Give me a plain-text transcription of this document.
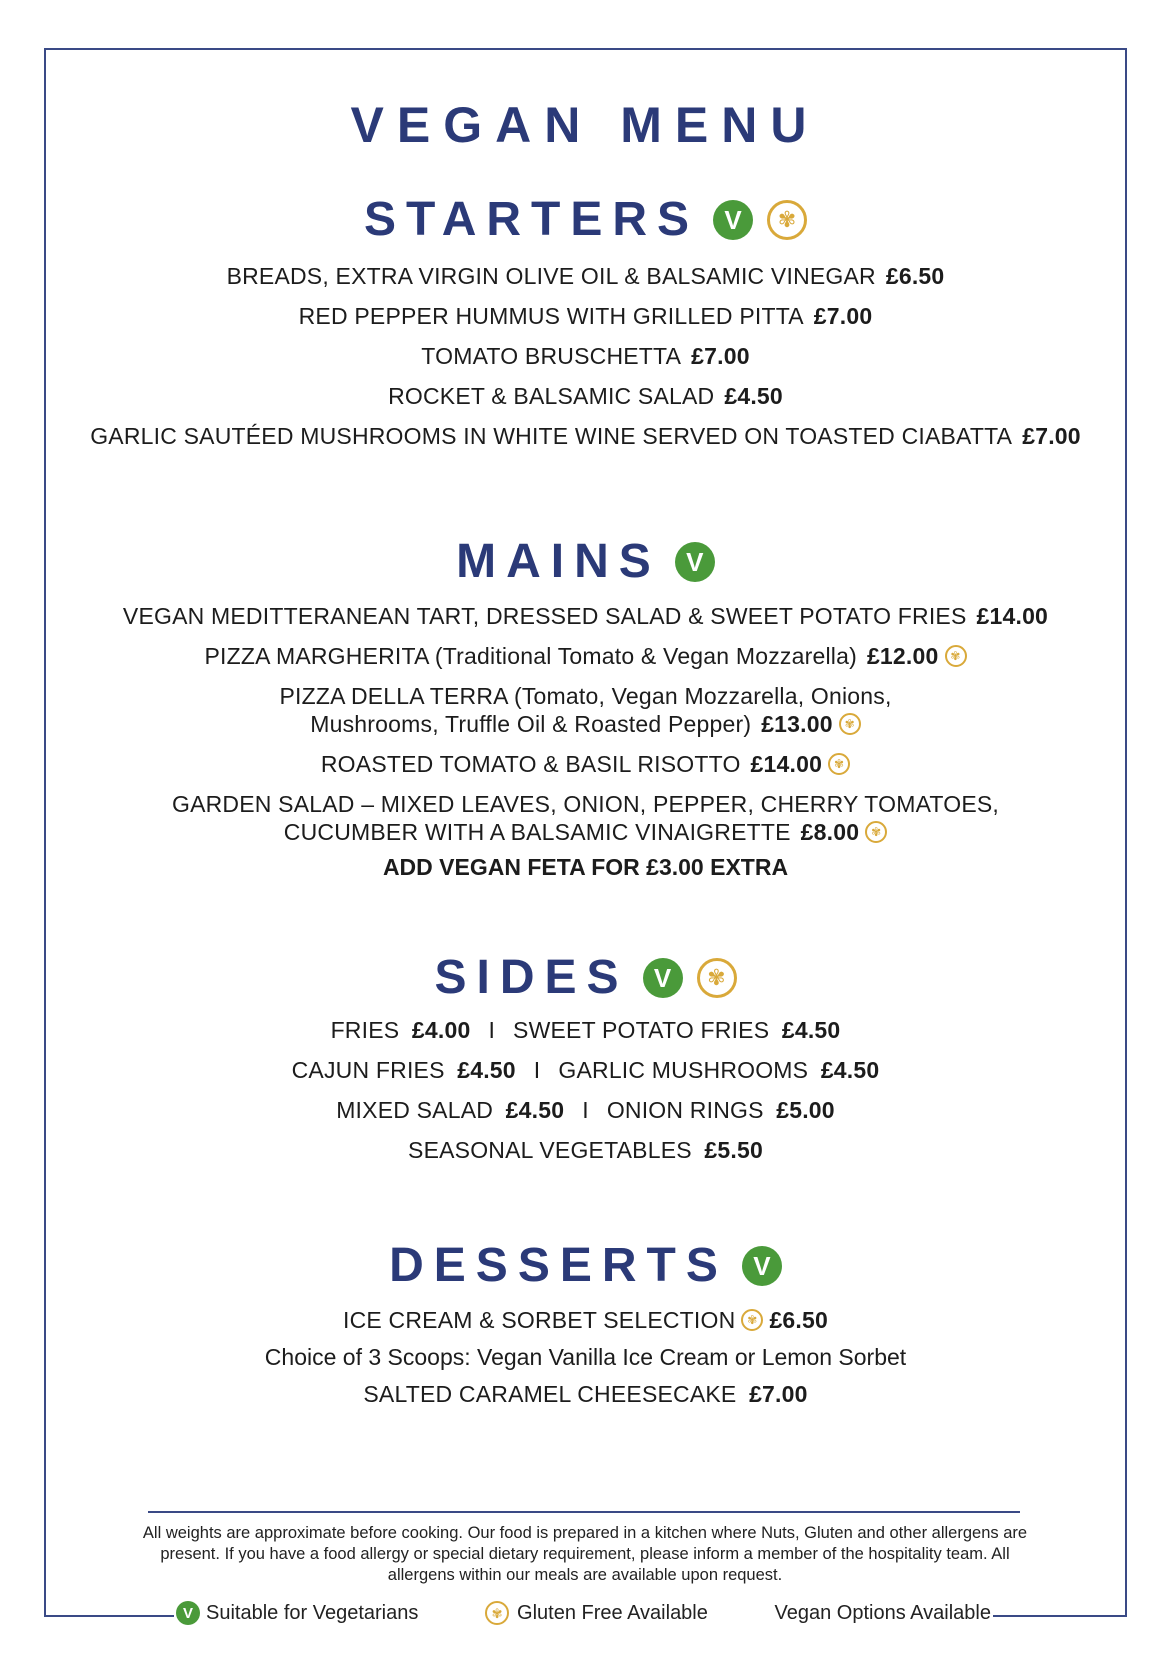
VEGAN MENU
STARTERS V	✾
BREADS, EXTRA VIRGIN OLIVE OIL & BALSAMIC VINEGAR £6.50
RED PEPPER HUMMUS WITH GRILLED PITTA £7.00
TOMATO BRUSCHETTA £7.00
ROCKET & BALSAMIC SALAD £4.50
GARLIC SAUTÉED MUSHROOMS IN WHITE WINE SERVED ON TOASTED CIABATTA £7.00
MAINS V
VEGAN MEDITTERANEAN TART, DRESSED SALAD & SWEET POTATO FRIES £14.00
PIZZA MARGHERITA (Traditional Tomato & Vegan Mozzarella) £12.00 ✾
PIZZA DELLA TERRA (Tomato, Vegan Mozzarella, Onions,
Mushrooms, Truffle Oil & Roasted Pepper) £13.00 ✾
ROASTED TOMATO & BASIL RISOTTO £14.00 ✾
GARDEN SALAD – MIXED LEAVES, ONION, PEPPER, CHERRY TOMATOES,
CUCUMBER WITH A BALSAMIC VINAIGRETTE £8.00 ✾
ADD VEGAN FETA FOR £3.00 EXTRA
SIDES V	✾
FRIES £4.00 I SWEET POTATO FRIES £4.50
CAJUN FRIES £4.50 I GARLIC MUSHROOMS £4.50
MIXED SALAD £4.50 I ONION RINGS £5.00
SEASONAL VEGETABLES £5.50
DESSERTS V
ICE CREAM & SORBET SELECTION ✾ £6.50
Choice of 3 Scoops: Vegan Vanilla Ice Cream or Lemon Sorbet
SALTED CARAMEL CHEESECAKE £7.00
All weights are approximate before cooking. Our food is prepared in a kitchen where Nuts, Gluten and other allergens are present. If you have a food allergy or special dietary requirement, please inform a member of the hospitality team. All allergens within our meals are available upon request.
V Suitable for Vegetarians	✾ Gluten Free Available	Vegan Options Available
